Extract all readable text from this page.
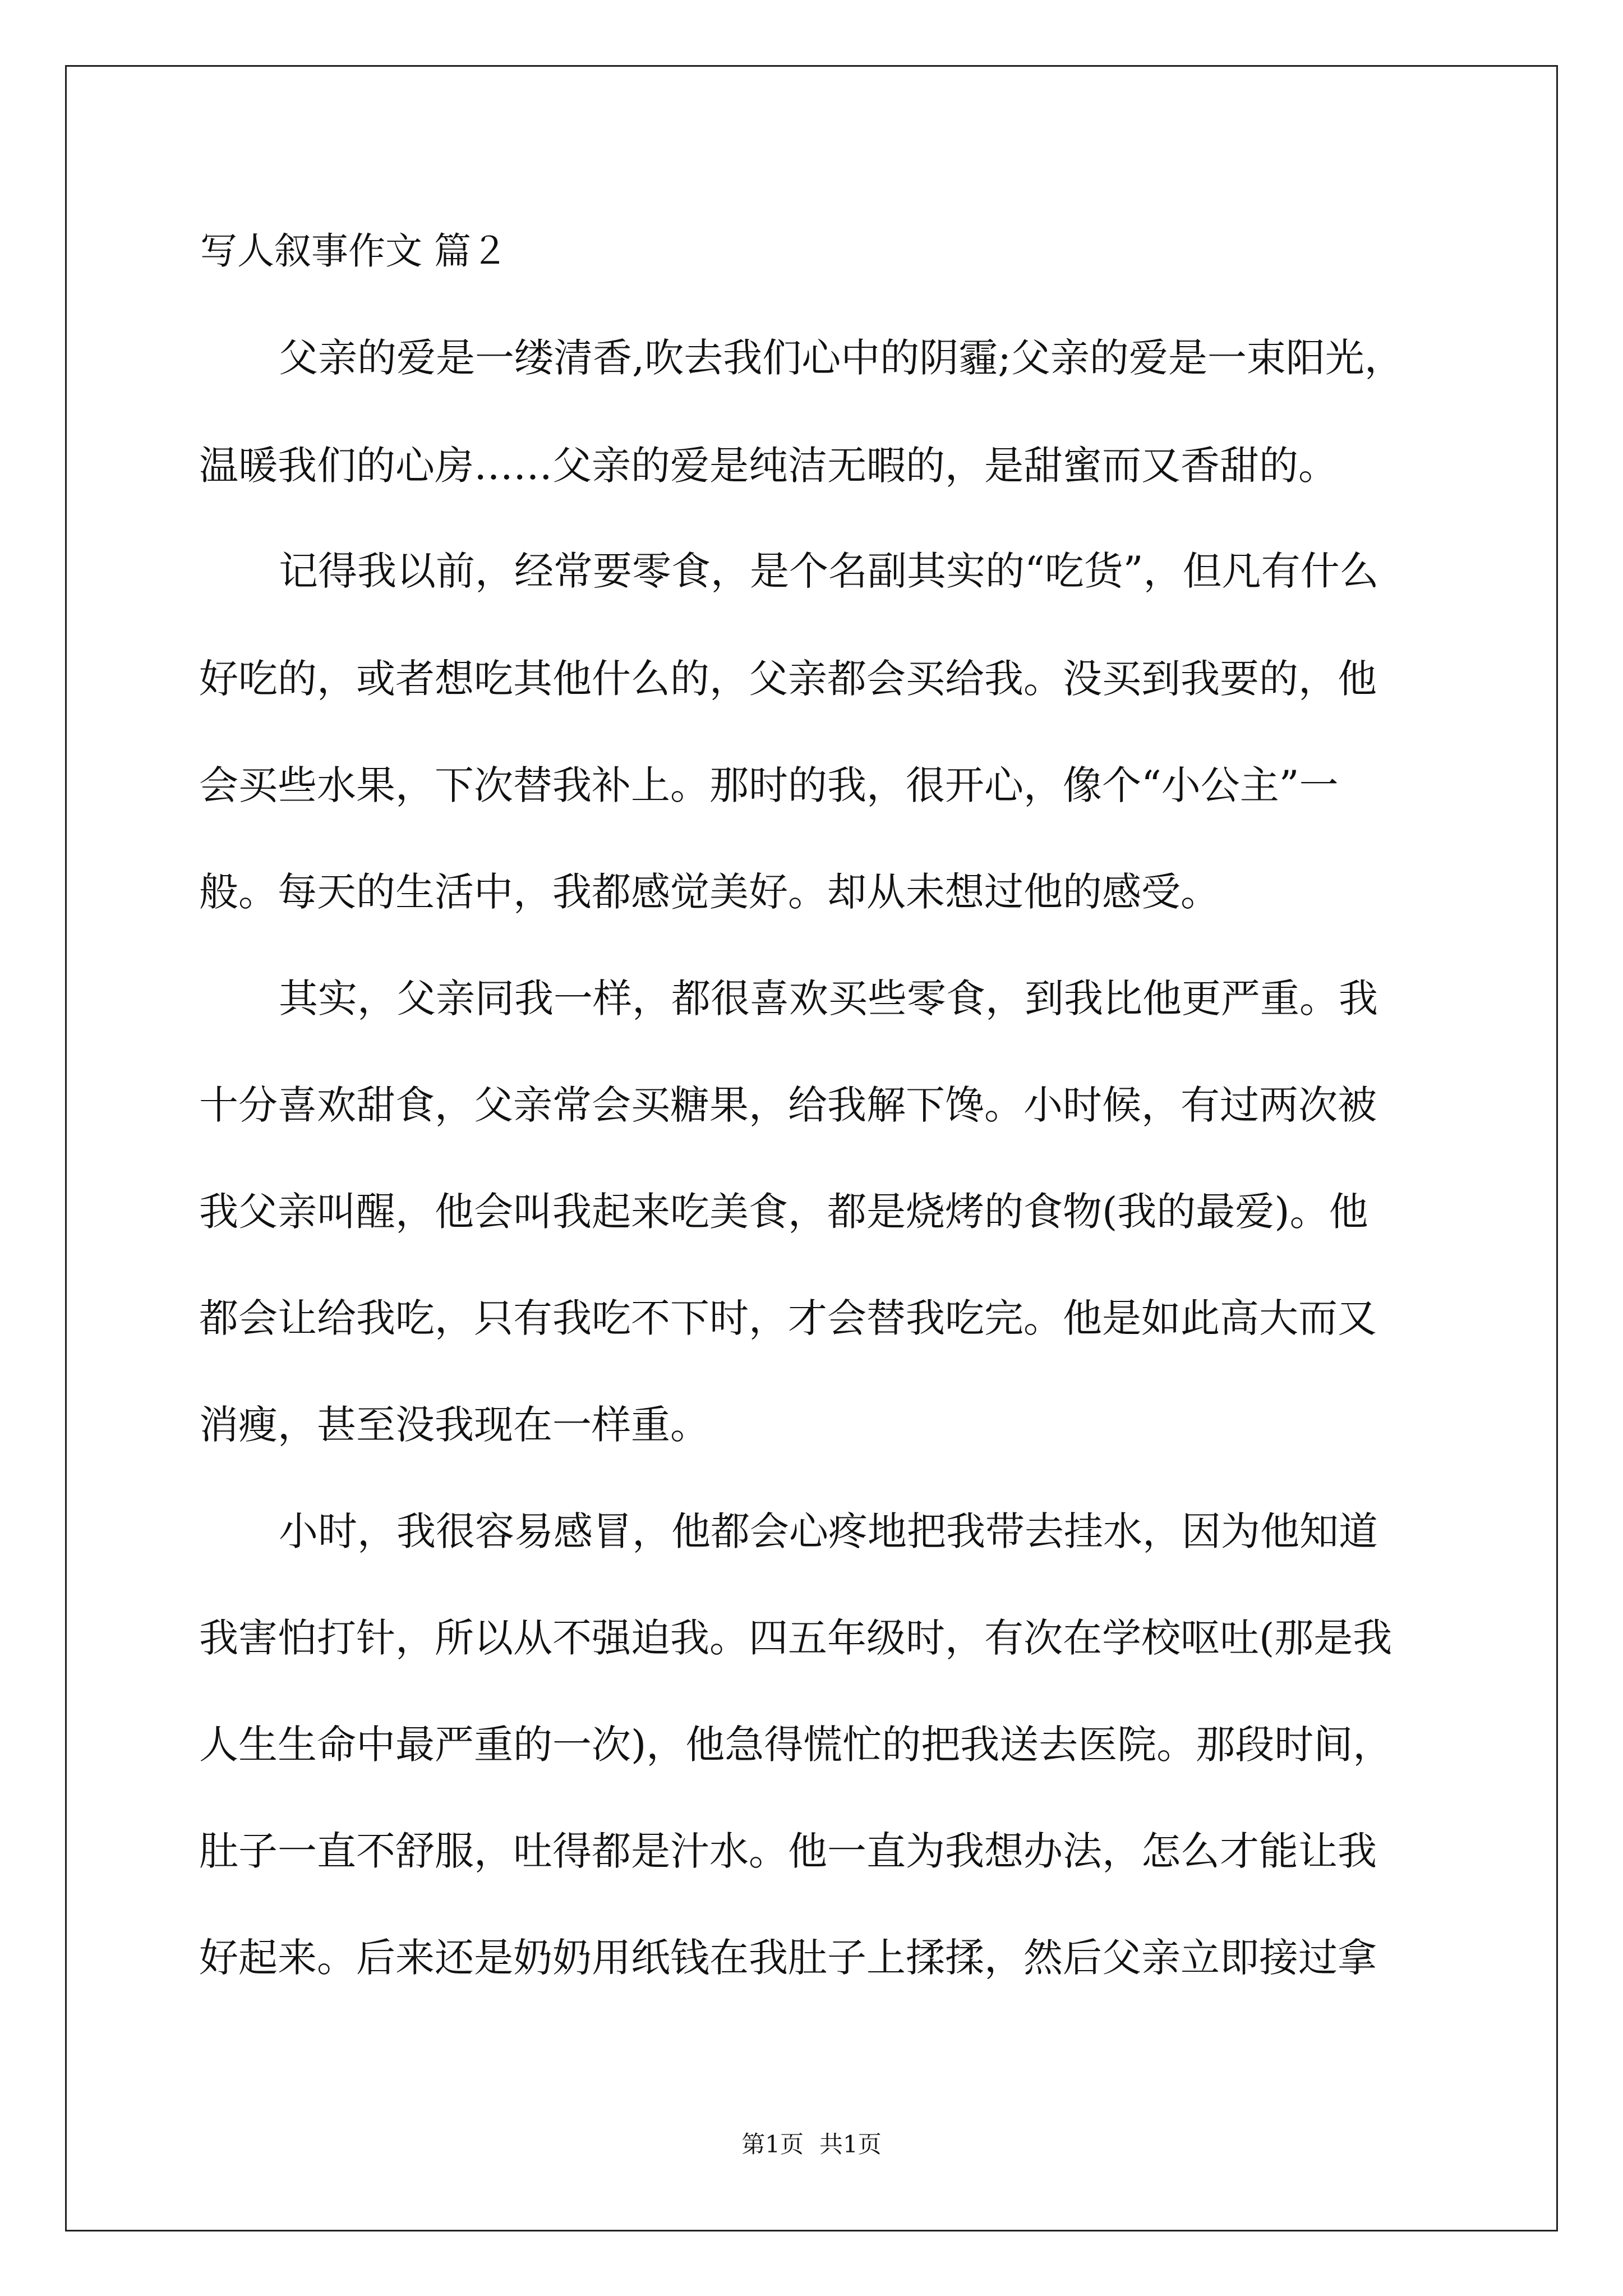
写人叙事作文 篇２
父亲的爱是一缕清香,吹去我们心中的阴霾;父亲的爱是一束阳光，
温暖我们的心房……父亲的爱是纯洁无暇的，是甜蜜而又香甜的。
记得我以前，经常要零食，是个名副其实的“吃货”，但凡有什么
好吃的，或者想吃其他什么的，父亲都会买给我。没买到我要的，他
会买些水果，下次替我补上。那时的我，很开心，像个“小公主”一
般。每天的生活中，我都感觉美好。却从未想过他的感受。
其实，父亲同我一样，都很喜欢买些零食，到我比他更严重。我
十分喜欢甜食，父亲常会买糖果，给我解下馋。小时候，有过两次被
我父亲叫醒，他会叫我起来吃美食，都是烧烤的食物(我的最爱)。他
都会让给我吃，只有我吃不下时，才会替我吃完。他是如此高大而又
消瘦，甚至没我现在一样重。
小时，我很容易感冒，他都会心疼地把我带去挂水，因为他知道
我害怕打针，所以从不强迫我。四五年级时，有次在学校呕吐(那是我
人生生命中最严重的一次)，他急得慌忙的把我送去医院。那段时间，
肚子一直不舒服，吐得都是汁水。他一直为我想办法，怎么才能让我
好起来。后来还是奶奶用纸钱在我肚子上揉揉，然后父亲立即接过拿
第1页 共1页
